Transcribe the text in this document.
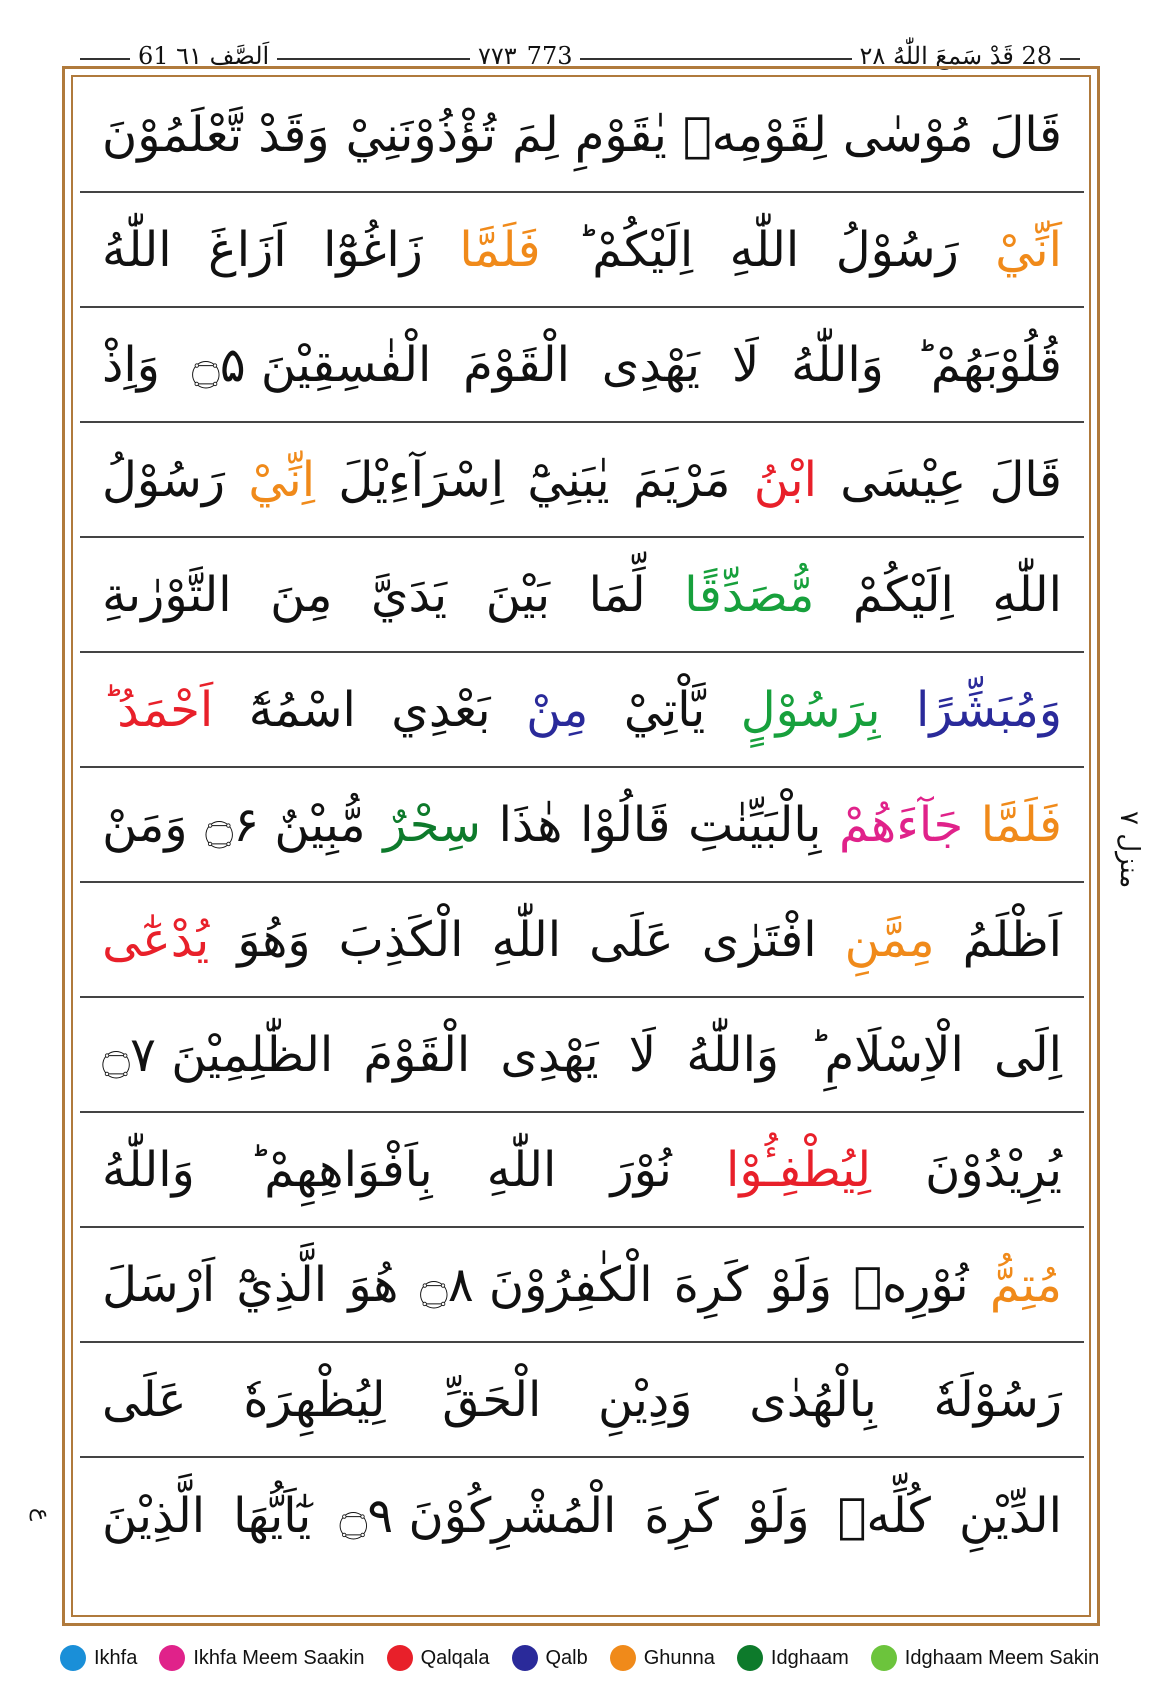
61 اَلصَّف ٦١	۷۷۳ 773	28 قَدْ سَمِعَ اللّٰهُ ۲۸
قَالَ
مُوْسٰى
لِقَوْمِهٖ
يٰقَوْمِ
لِمَ
تُؤْذُوْنَنِيْ
وَقَدْ
تَّعْلَمُوْنَ
اَنِّيْ
رَسُوْلُ
اللّٰهِ
اِلَيْكُمْ ؕ
فَلَمَّا
زَاغُوْٓا
اَزَاغَ
اللّٰهُ
قُلُوْبَهُمْ ؕ
وَاللّٰهُ
لَا
يَهْدِى
الْقَوْمَ
الْفٰسِقِيْنَ ۝۵
وَاِذْ
قَالَ
عِيْسَى
ابْنُ
مَرْيَمَ
يٰبَنِيْٓ
اِسْرَآءِيْلَ
اِنِّيْ
رَسُوْلُ
اللّٰهِ
اِلَيْكُمْ
مُّصَدِّقًا
لِّمَا
بَيْنَ
يَدَيَّ
مِنَ
التَّوْرٰىةِ
وَمُبَشِّرًا
بِرَسُوْلٍ
يَّاْتِيْ
مِنْ
بَعْدِي
اسْمُهٗٓ
اَحْمَدُ ؕ
فَلَمَّا
جَآءَهُمْ
بِالْبَيِّنٰتِ
قَالُوْا
هٰذَا
سِحْرٌ
مُّبِيْنٌ ۝۶
وَمَنْ
اَظْلَمُ
مِمَّنِ
افْتَرٰى
عَلَى
اللّٰهِ
الْكَذِبَ
وَهُوَ
يُدْعٰٓى
اِلَى
الْاِسْلَامِ ؕ
وَاللّٰهُ
لَا
يَهْدِى
الْقَوْمَ
الظّٰلِمِيْنَ ۝۷
يُرِيْدُوْنَ
لِيُطْفِـُٔوْا
نُوْرَ
اللّٰهِ
بِاَفْوَاهِهِمْ ؕ
وَاللّٰهُ
مُتِمُّ
نُوْرِهٖ
وَلَوْ
كَرِهَ
الْكٰفِرُوْنَ ۝۸
هُوَ
الَّذِيْٓ
اَرْسَلَ
رَسُوْلَهٗ
بِالْهُدٰى
وَدِيْنِ
الْحَقِّ
لِيُظْهِرَهٗ
عَلَى
الدِّيْنِ
كُلِّهٖ
وَلَوْ
كَرِهَ
الْمُشْرِكُوْنَ ۝۹
يٰٓاَيُّهَا
الَّذِيْنَ
منزل ۷
ع
Ikhfa	Ikhfa Meem Saakin	Qalqala	Qalb	Ghunna	Idghaam	Idghaam Meem Sakin
